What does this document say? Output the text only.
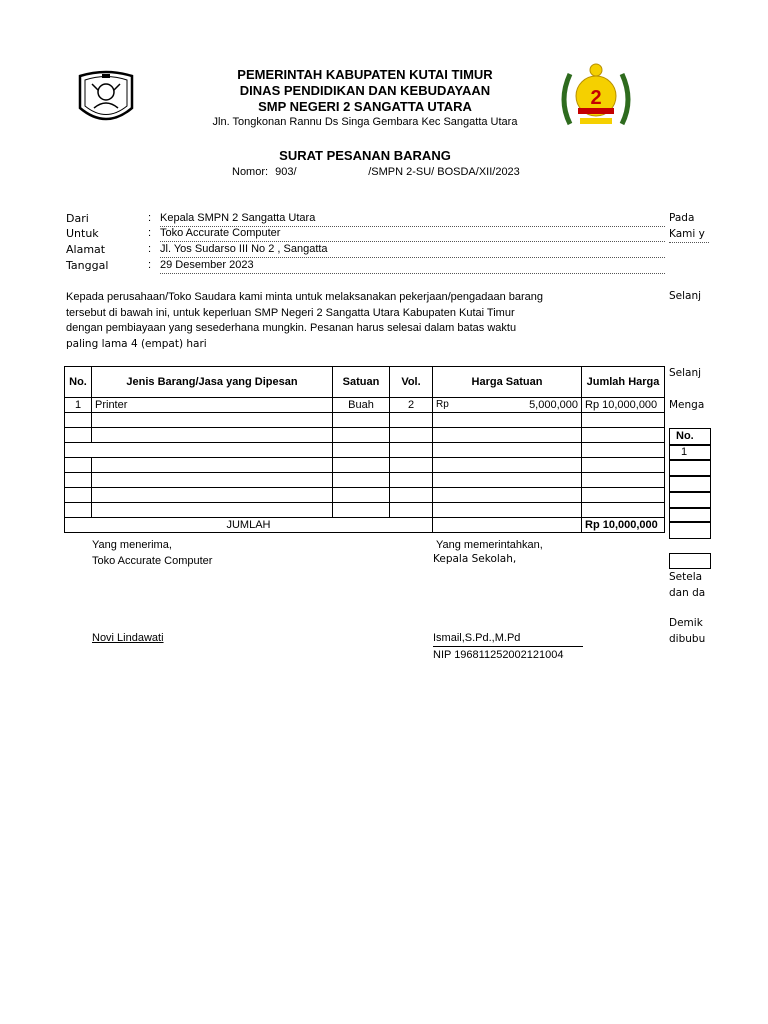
PEMERINTAH KABUPATEN KUTAI TIMUR
DINAS PENDIDIKAN DAN KEBUDAYAAN
SMP NEGERI 2 SANGATTA UTARA
Jln. Tongkonan Rannu Ds Singa Gembara Kec Sangatta Utara
2
SURAT PESANAN BARANG
Nomor: 903/	/SMPN 2-SU/ BOSDA/XII/2023
Dari	: Kepala SMPN 2 Sangatta Utara
Untuk	: Toko Accurate Computer
Alamat	: Jl. Yos Sudarso III No 2 , Sangatta
Tanggal	: 29 Desember 2023
Kepada perusahaan/Toko Saudara kami minta untuk melaksanakan pekerjaan/pengadaan barang
tersebut di bawah ini, untuk keperluan SMP Negeri 2 Sangatta Utara Kabupaten Kutai Timur
dengan pembiayaan yang sesederhana mungkin. Pesanan harus selesai dalam batas waktu
paling lama 4 (empat) hari
No.	Jenis Barang/Jasa yang Dipesan	Satuan	Vol.	Harga Satuan	Jumlah Harga
1	Printer	Buah	2	Rp 5,000,000	Rp 10,000,000

JUMLAH					Rp 10,000,000
Yang menerima,
Toko Accurate Computer
Novi Lindawati
Yang memerintahkan,
Kepala Sekolah,
Ismail,S.Pd.,M.Pd
NIP 196811252002121004
Pada
Kami y
Selanj
Selanj
Menga
No.
1
Setela
dan da
Demik
dibubu
